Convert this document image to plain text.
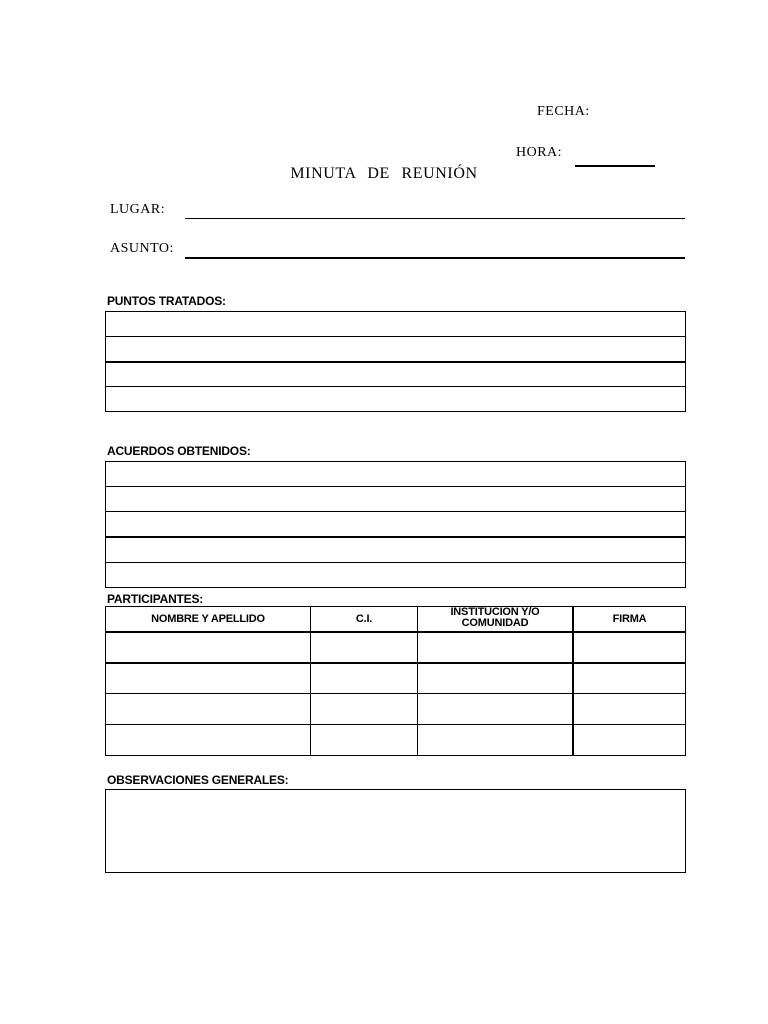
FECHA:
HORA:
MINUTA DE REUNIÓN
LUGAR:
ASUNTO:
PUNTOS TRATADOS:
ACUERDOS OBTENIDOS:
PARTICIPANTES:
NOMBRE Y APELLIDO	C.I.
INSTITUCIÓN Y/O
COMUNIDAD	FIRMA
OBSERVACIONES GENERALES:
